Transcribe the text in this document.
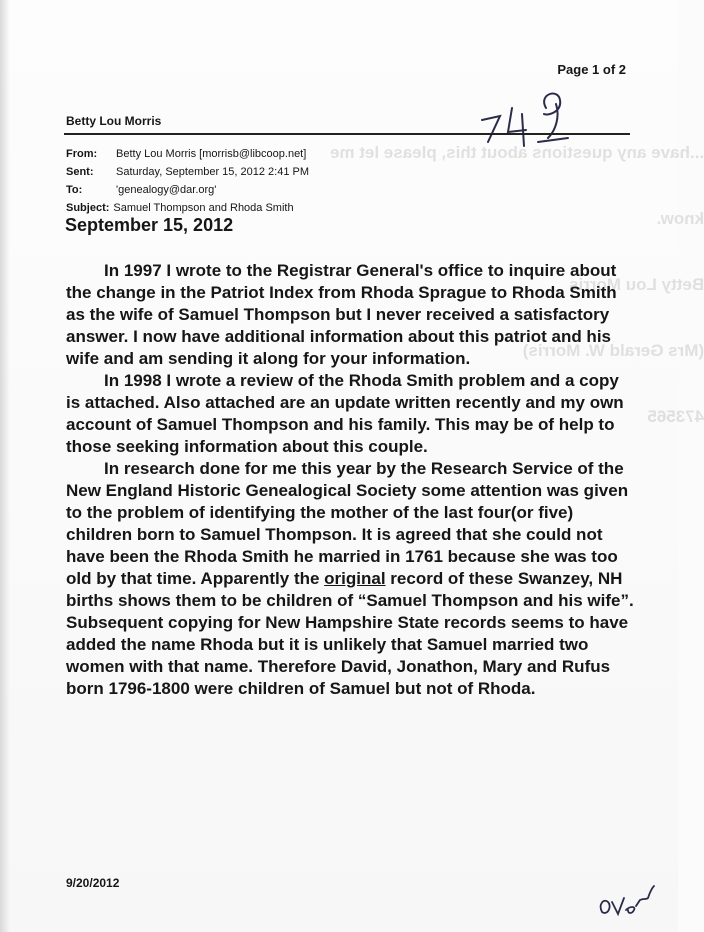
...have any questions about this, please let me

know.

Betty Lou Morris

(Mrs Gerald W. Morris)

473565

Page 1 of 2
Betty Lou Morris
From:	Betty Lou Morris [morrisb@libcoop.net]
Sent:	Saturday, September 15, 2012 2:41 PM
To:	'genealogy@dar.org'
Subject: Samuel Thompson and Rhoda Smith
September 15, 2012

In 1997 I wrote to the Registrar General's office to inquire about the change in the Patriot Index from Rhoda Sprague to Rhoda Smith as the wife of Samuel Thompson but I never received a satisfactory answer. I now have additional information about this patriot and his wife and am sending it along for your information.

In 1998 I wrote a review of the Rhoda Smith problem and a copy is attached. Also attached are an update written recently and my own account of Samuel Thompson and his family. This may be of help to those seeking information about this couple.

In research done for me this year by the Research Service of the New England Historic Genealogical Society some attention was given to the problem of identifying the mother of the last four(or five) children born to Samuel Thompson. It is agreed that she could not have been the Rhoda Smith he married in 1761 because she was too old by that time. Apparently the original record of these Swanzey, NH births shows them to be children of “Samuel Thompson and his wife”. Subsequent copying for New Hampshire State records seems to have added the name Rhoda but it is unlikely that Samuel married two women with that name. Therefore David, Jonathon, Mary and Rufus born 1796-1800 were children of Samuel but not of Rhoda.

9/20/2012
